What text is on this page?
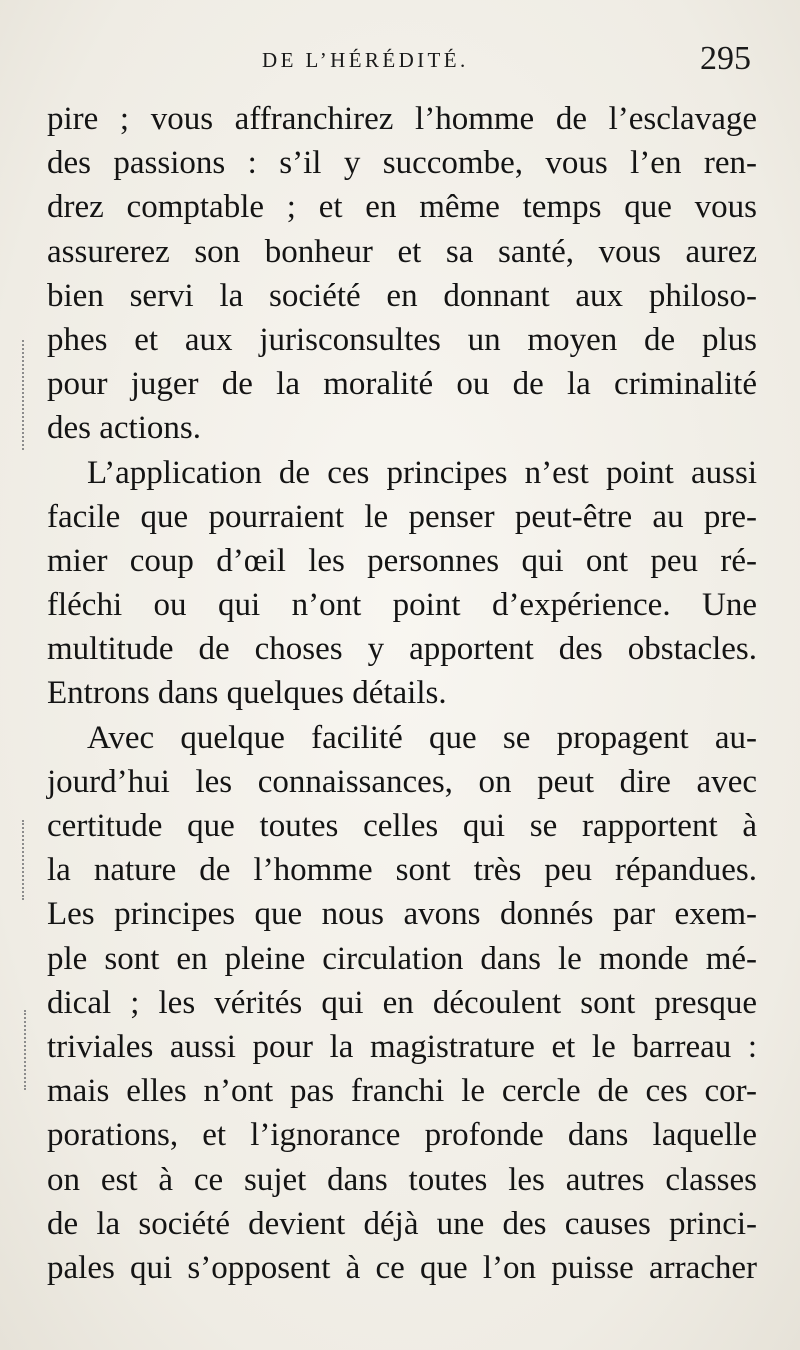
DE L’HÉRÉDITÉ.	295
pire ; vous affranchirez l’homme de l’esclavage
des passions : s’il y succombe, vous l’en ren-
drez comptable ; et en même temps que vous
assurerez son bonheur et sa santé, vous aurez
bien servi la société en donnant aux philoso-
phes et aux jurisconsultes un moyen de plus
pour juger de la moralité ou de la criminalité
des actions.
L’application de ces principes n’est point aussi
facile que pourraient le penser peut-être au pre-
mier coup d’œil les personnes qui ont peu ré-
fléchi ou qui n’ont point d’expérience. Une
multitude de choses y apportent des obstacles.
Entrons dans quelques détails.
Avec quelque facilité que se propagent au-
jourd’hui les connaissances, on peut dire avec
certitude que toutes celles qui se rapportent à
la nature de l’homme sont très peu répandues.
Les principes que nous avons donnés par exem-
ple sont en pleine circulation dans le monde mé-
dical ; les vérités qui en découlent sont presque
triviales aussi pour la magistrature et le barreau :
mais elles n’ont pas franchi le cercle de ces cor-
porations, et l’ignorance profonde dans laquelle
on est à ce sujet dans toutes les autres classes
de la société devient déjà une des causes princi-
pales qui s’opposent à ce que l’on puisse arracher
